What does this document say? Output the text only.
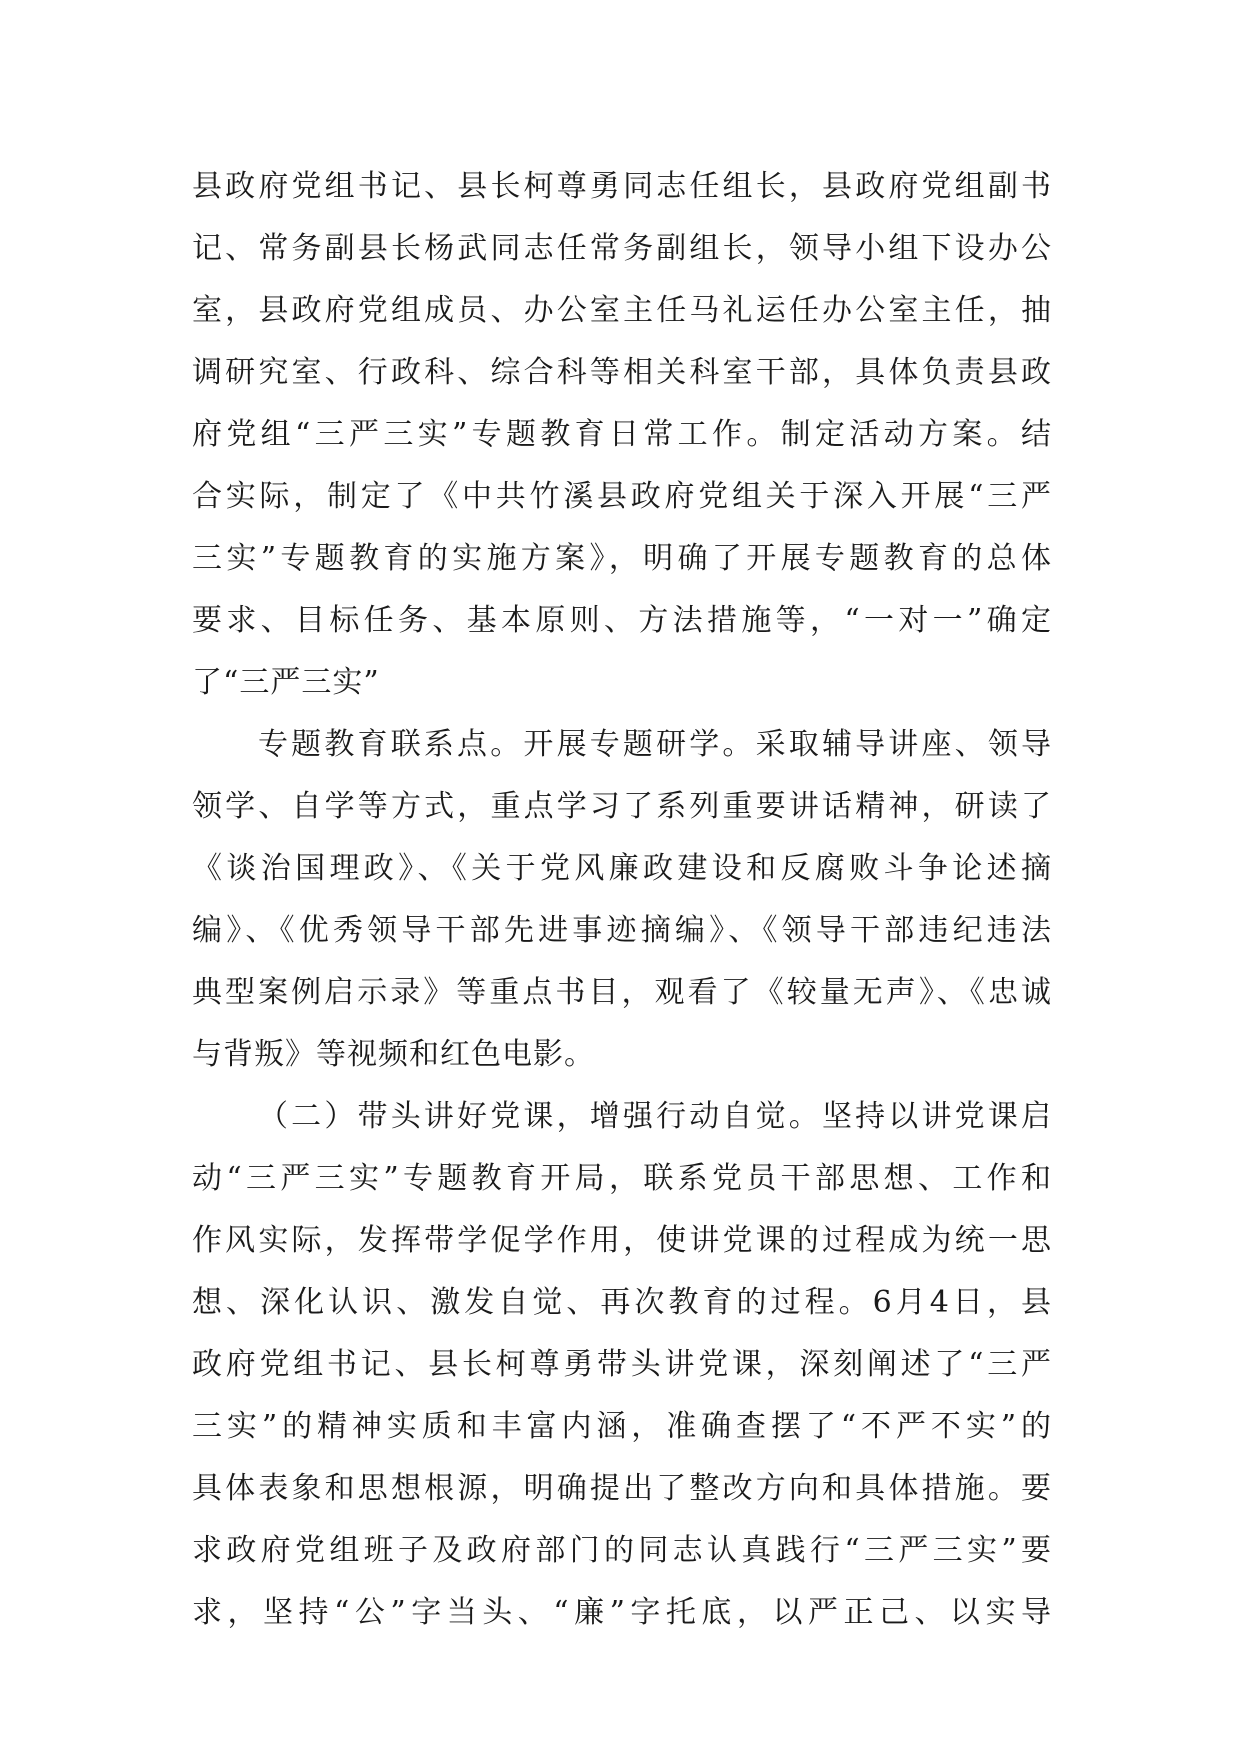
县政府党组书记、县长柯尊勇同志任组长，县政府党组副书
记、常务副县长杨武同志任常务副组长，领导小组下设办公
室，县政府党组成员、办公室主任马礼运任办公室主任，抽
调研究室、行政科、综合科等相关科室干部，具体负责县政
府党组“三严三实”专题教育日常工作。制定活动方案。结
合实际，制定了《中共竹溪县政府党组关于深入开展“三严
三实”专题教育的实施方案》，明确了开展专题教育的总体
要求、目标任务、基本原则、方法措施等，“一对一”确定
了“三严三实”
专题教育联系点。开展专题研学。采取辅导讲座、领导
领学、自学等方式，重点学习了系列重要讲话精神，研读了
《谈治国理政》、《关于党风廉政建设和反腐败斗争论述摘
编》、《优秀领导干部先进事迹摘编》、《领导干部违纪违法
典型案例启示录》等重点书目，观看了《较量无声》、《忠诚
与背叛》等视频和红色电影。
（二）带头讲好党课，增强行动自觉。坚持以讲党课启
动“三严三实”专题教育开局，联系党员干部思想、工作和
作风实际，发挥带学促学作用，使讲党课的过程成为统一思
想、深化认识、激发自觉、再次教育的过程。6月4日，县
政府党组书记、县长柯尊勇带头讲党课，深刻阐述了“三严
三实”的精神实质和丰富内涵，准确查摆了“不严不实”的
具体表象和思想根源，明确提出了整改方向和具体措施。要
求政府党组班子及政府部门的同志认真践行“三严三实”要
求，坚持“公”字当头、“廉”字托底，以严正己、以实导
